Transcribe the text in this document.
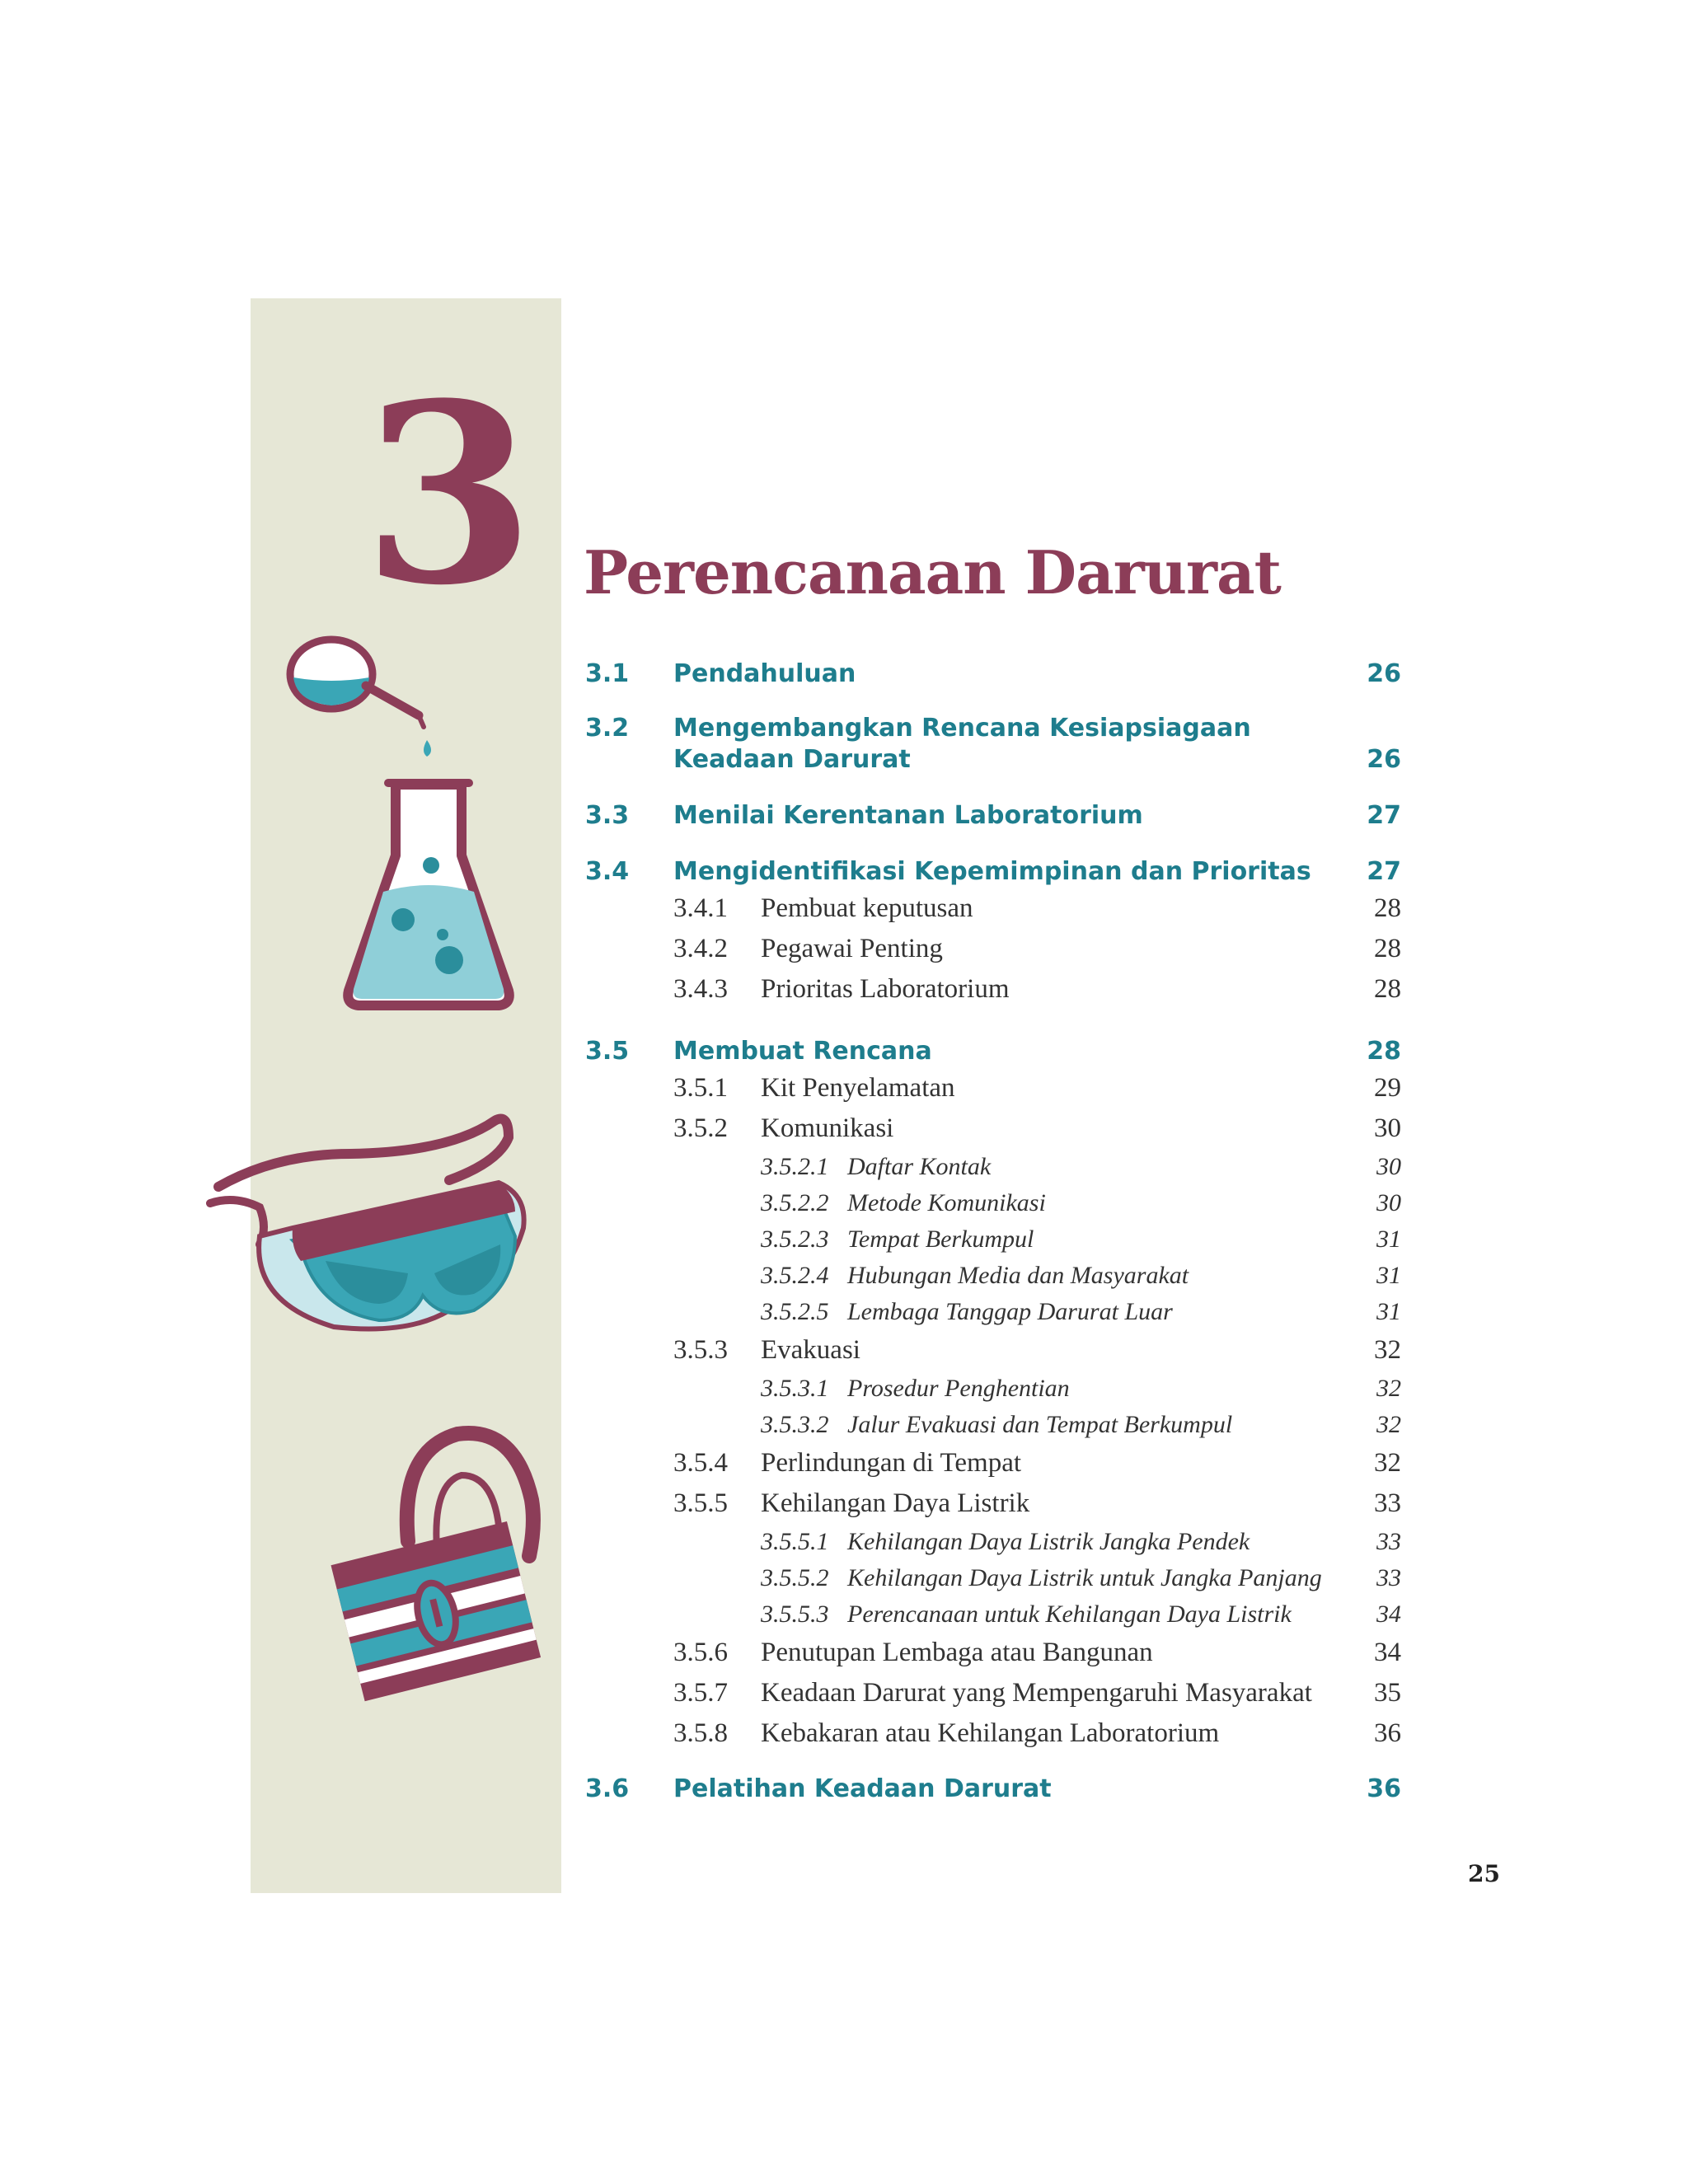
3 Perencanaan Darurat
3.1 Pendahuluan	26
3.2 Mengembangkan Rencana Kesiapsiagaan
Keadaan Darurat	26
3.3 Menilai Kerentanan Laboratorium	27
3.4 Mengidentifikasi Kepemimpinan dan Prioritas 27
3.4.1 Pembuat keputusan	28
3.4.2 Pegawai Penting	28
3.4.3 Prioritas Laboratorium	28
3.5 Membuat Rencana	28
3.5.1 Kit Penyelamatan	29
3.5.2 Komunikasi	30
3.5.2.1 Daftar Kontak	30
3.5.2.2 Metode Komunikasi	30
3.5.2.3 Tempat Berkumpul	31
3.5.2.4 Hubungan Media dan Masyarakat	31
3.5.2.5 Lembaga Tanggap Darurat Luar	31
3.5.3 Evakuasi	32
3.5.3.1 Prosedur Penghentian	32
3.5.3.2 Jalur Evakuasi dan Tempat Berkumpul	32
3.5.4 Perlindungan di Tempat	32
3.5.5 Kehilangan Daya Listrik	33
3.5.5.1 Kehilangan Daya Listrik Jangka Pendek	33
3.5.5.2 Kehilangan Daya Listrik untuk Jangka Panjang 33
3.5.5.3 Perencanaan untuk Kehilangan Daya Listrik	34
3.5.6 Penutupan Lembaga atau Bangunan	34
3.5.7 Keadaan Darurat yang Mempengaruhi Masyarakat 35
3.5.8 Kebakaran atau Kehilangan Laboratorium	36
3.6 Pelatihan Keadaan Darurat	36
25
